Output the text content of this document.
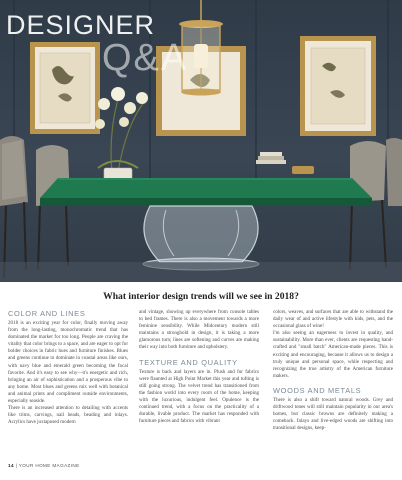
DESIGNER
Q&A
What interior design trends will we see in 2018?
COLOR AND LINES

2018 is an exciting year for color, finally moving away from the long-lasting, monochromatic trend that has dominated the market for too long. People are craving the vitality that color brings to a space, and are eager to opt for bolder choices in fabric hues and furniture finishes. Blues and greens continue to dominate in coastal areas like ours, with navy blue and emerald green becoming the focal favorite. And it's easy to see why—it's energetic and rich, bringing an air of sophistication and a prosperous vibe to any home. Most blues and greens mix well with botanical and animal prints and compliment outside environments, especially seaside.

There is an increased attention to detailing with accents like trims, carvings, nail heads, beading and inlays. Acrylics have juxtaposed modern

and vintage, showing up everywhere from console tables to bed frames. There is also a movement towards a more feminine sensibility. While Midcentury modern still maintains a stronghold in design, it is taking a more glamorous turn; lines are softening and curves are making their way into both furniture and upholstery.

TEXTURE AND QUALITY

Texture is back and layers are in. Plush and fur fabrics were flaunted at High Point Market this year and tufting is still going strong. The velvet trend has transitioned from the fashion world into every room of the home, keeping with the luxurious, indulgent feel. Opulence is the continued trend, with a focus on the practicality of a durable, livable product. The market has responded with furniture pieces and fabrics with vibrant

colors, weaves, and surfaces that are able to withstand the daily wear of and active lifestyle with kids, pets, and the occasional glass of wine!

I'm also seeing an eagerness to invest in quality, and sustainability. More than ever, clients are requesting hand-crafted and "small batch" American-made pieces. This is exciting and encouraging, because it allows us to design a truly unique and personal space, while respecting and recognizing the true artistry of the American furniture makers.

WOODS AND METALS

There is also a shift toward natural woods. Grey and driftwood tones will still maintain popularity in our area's homes, but classic browns are definitely making a comeback. Inlays and live-edged woods are shifting into transitional designs, keep-

14 | YOUR HOME MAGAZINE
